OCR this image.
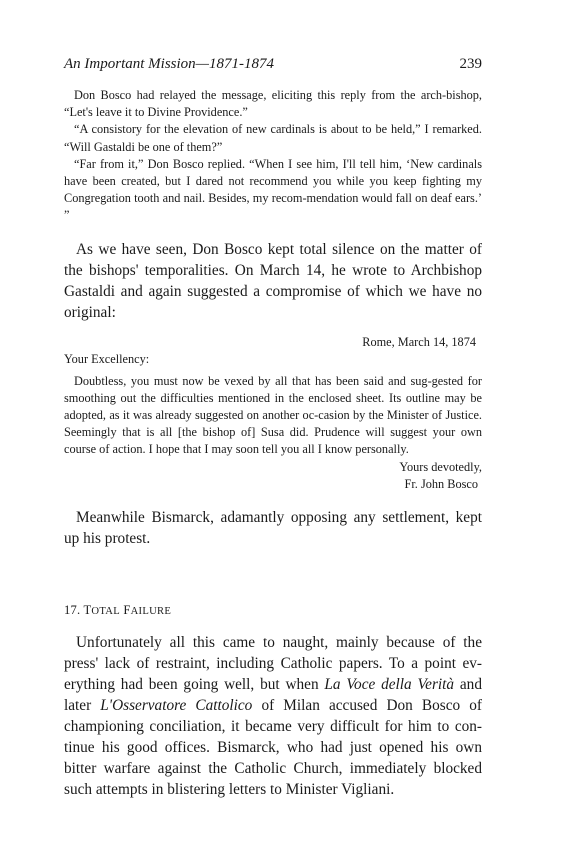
An Important Mission—1871-1874	239

Don Bosco had relayed the message, eliciting this reply from the arch-bishop, “Let's leave it to Divine Providence.”

“A consistory for the elevation of new cardinals is about to be held,” I remarked. “Will Gastaldi be one of them?”

“Far from it,” Don Bosco replied. “When I see him, I'll tell him, ‘New cardinals have been created, but I dared not recommend you while you keep fighting my Congregation tooth and nail. Besides, my recom-mendation would fall on deaf ears.’ ”

As we have seen, Don Bosco kept total silence on the matter of the bishops' temporalities. On March 14, he wrote to Archbishop Gastaldi and again suggested a compromise of which we have no original:

Rome, March 14, 1874
Your Excellency:

Doubtless, you must now be vexed by all that has been said and sug-gested for smoothing out the difficulties mentioned in the enclosed sheet. Its outline may be adopted, as it was already suggested on another oc-casion by the Minister of Justice. Seemingly that is all [the bishop of] Susa did. Prudence will suggest your own course of action. I hope that I may soon tell you all I know personally.

Yours devotedly,
Fr. John Bosco

Meanwhile Bismarck, adamantly opposing any settlement, kept up his protest.

17. TOTAL FAILURE

Unfortunately all this came to naught, mainly because of the press' lack of restraint, including Catholic papers. To a point ev-erything had been going well, but when La Voce della Verità and later L'Osservatore Cattolico of Milan accused Don Bosco of championing conciliation, it became very difficult for him to con-tinue his good offices. Bismarck, who had just opened his own bitter warfare against the Catholic Church, immediately blocked such attempts in blistering letters to Minister Vigliani.
